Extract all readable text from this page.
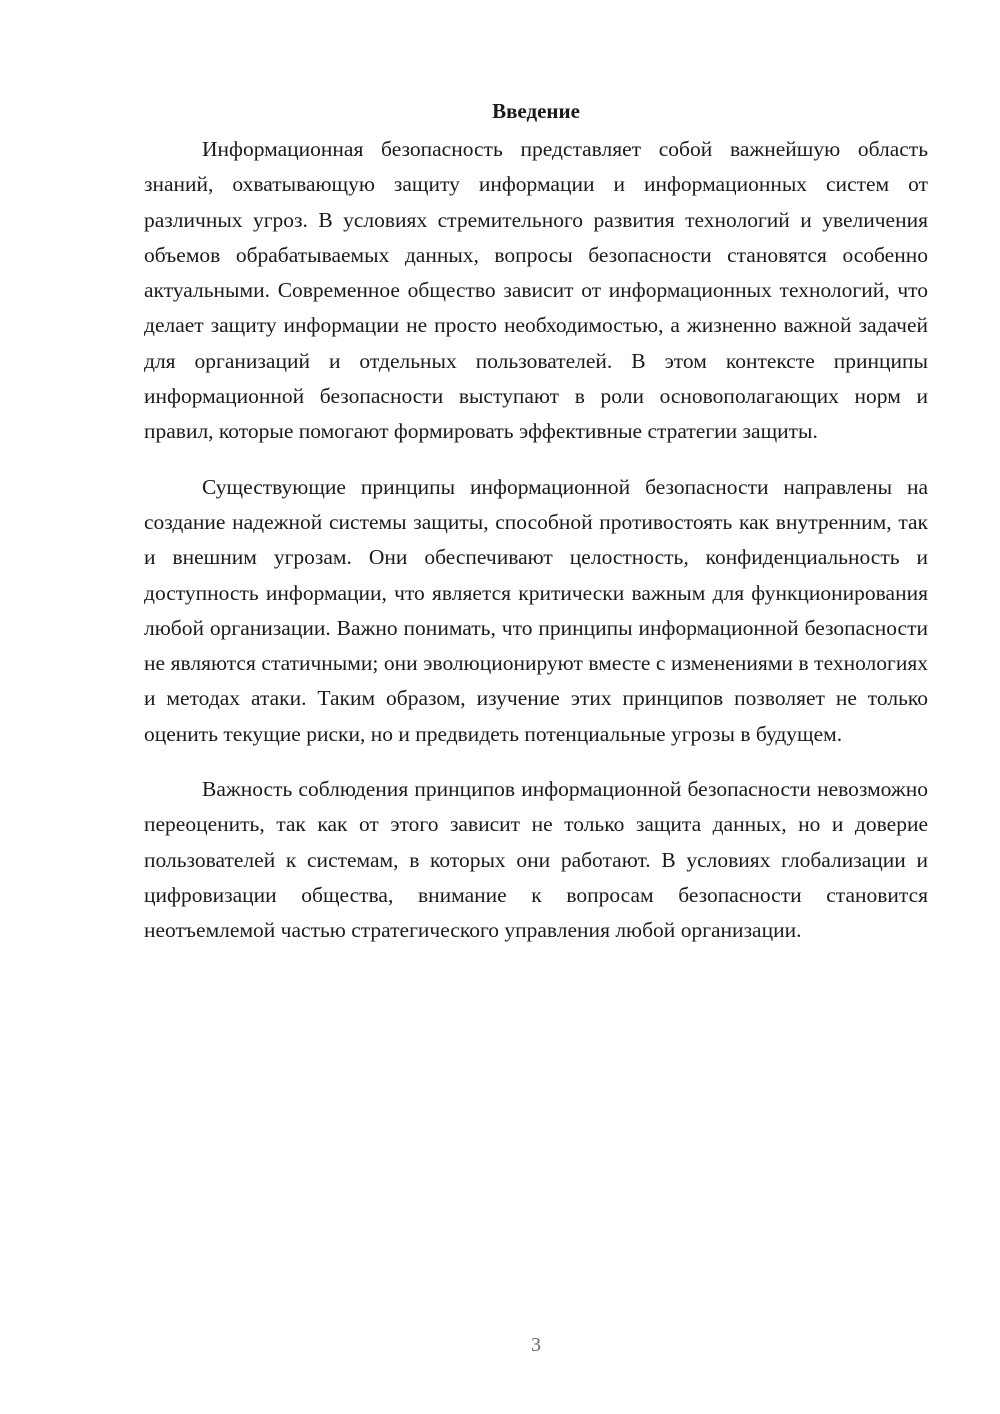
Введение

Информационная безопасность представляет собой важнейшую область знаний, охватывающую защиту информации и информационных систем от различных угроз. В условиях стремительного развития технологий и увеличения объемов обрабатываемых данных, вопросы безопасности становятся особенно актуальными. Современное общество зависит от информационных технологий, что делает защиту информации не просто необходимостью, а жизненно важной задачей для организаций и отдельных пользователей. В этом контексте принципы информационной безопасности выступают в роли основополагающих норм и правил, которые помогают формировать эффективные стратегии защиты.

Существующие принципы информационной безопасности направлены на создание надежной системы защиты, способной противостоять как внутренним, так и внешним угрозам. Они обеспечивают целостность, конфиденциальность и доступность информации, что является критически важным для функционирования любой организации. Важно понимать, что принципы информационной безопасности не являются статичными; они эволюционируют вместе с изменениями в технологиях и методах атаки. Таким образом, изучение этих принципов позволяет не только оценить текущие риски, но и предвидеть потенциальные угрозы в будущем.

Важность соблюдения принципов информационной безопасности невозможно переоценить, так как от этого зависит не только защита данных, но и доверие пользователей к системам, в которых они работают. В условиях глобализации и цифровизации общества, внимание к вопросам безопасности становится неотъемлемой частью стратегического управления любой организации.

3
